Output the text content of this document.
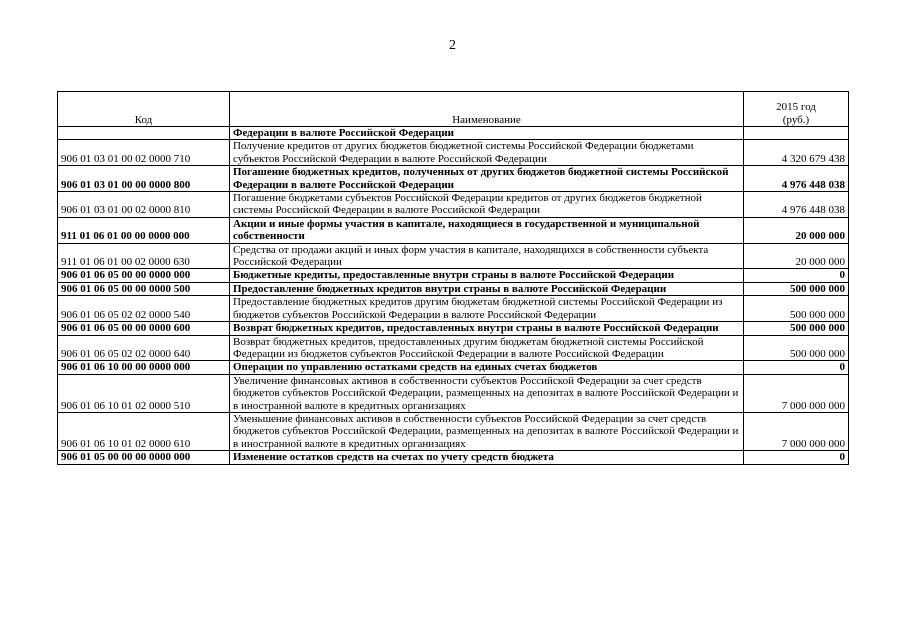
2
Код	Наименование	2015 год
(руб.)

	Федерации в валюте Российской Федерации	
906 01 03 01 00 02 0000 710	Получение кредитов от других бюджетов бюджетной системы Российской Федерации бюджетами субъектов Российской Федерации в валюте Российской Федерации	4 320 679 438
906 01 03 01 00 00 0000 800	Погашение бюджетных кредитов, полученных от других бюджетов бюджетной системы Российской Федерации в валюте Российской Федерации	4 976 448 038
906 01 03 01 00 02 0000 810	Погашение бюджетами субъектов Российской Федерации кредитов от других бюджетов бюджетной системы Российской Федерации в валюте Российской Федерации	4 976 448 038
911 01 06 01 00 00 0000 000	Акции и иные формы участия в капитале, находящиеся в государственной и муниципальной собственности	20 000 000
911 01 06 01 00 02 0000 630	Средства от продажи акций и иных форм участия в капитале, находящихся в собственности субъекта Российской Федерации	20 000 000
906 01 06 05 00 00 0000 000	Бюджетные кредиты, предоставленные внутри страны в валюте Российской Федерации	0
906 01 06 05 00 00 0000 500	Предоставление бюджетных кредитов внутри страны в валюте Российской Федерации	500 000 000
906 01 06 05 02 02 0000 540	Предоставление бюджетных кредитов другим бюджетам бюджетной системы Российской Федерации из бюджетов субъектов Российской Федерации в валюте Российской Федерации	500 000 000
906 01 06 05 00 00 0000 600	Возврат бюджетных кредитов, предоставленных внутри страны в валюте Российской Федерации	500 000 000
906 01 06 05 02 02 0000 640	Возврат бюджетных кредитов, предоставленных другим бюджетам бюджетной системы Российской Федерации из бюджетов субъектов Российской Федерации в валюте Российской Федерации	500 000 000
906 01 06 10 00 00 0000 000	Операции по управлению остатками средств на единых счетах бюджетов	0
906 01 06 10 01 02 0000 510	Увеличение финансовых активов в собственности субъектов Российской Федерации за счет средств бюджетов субъектов Российской Федерации, размещенных на депозитах в валюте Российской Федерации и в иностранной валюте в кредитных организациях	7 000 000 000
906 01 06 10 01 02 0000 610	Уменьшение финансовых активов в собственности субъектов Российской Федерации за счет средств бюджетов субъектов Российской Федерации, размещенных на депозитах в валюте Российской Федерации и в иностранной валюте в кредитных организациях	7 000 000 000
906 01 05 00 00 00 0000 000	Изменение остатков средств на счетах по учету средств бюджета	0
